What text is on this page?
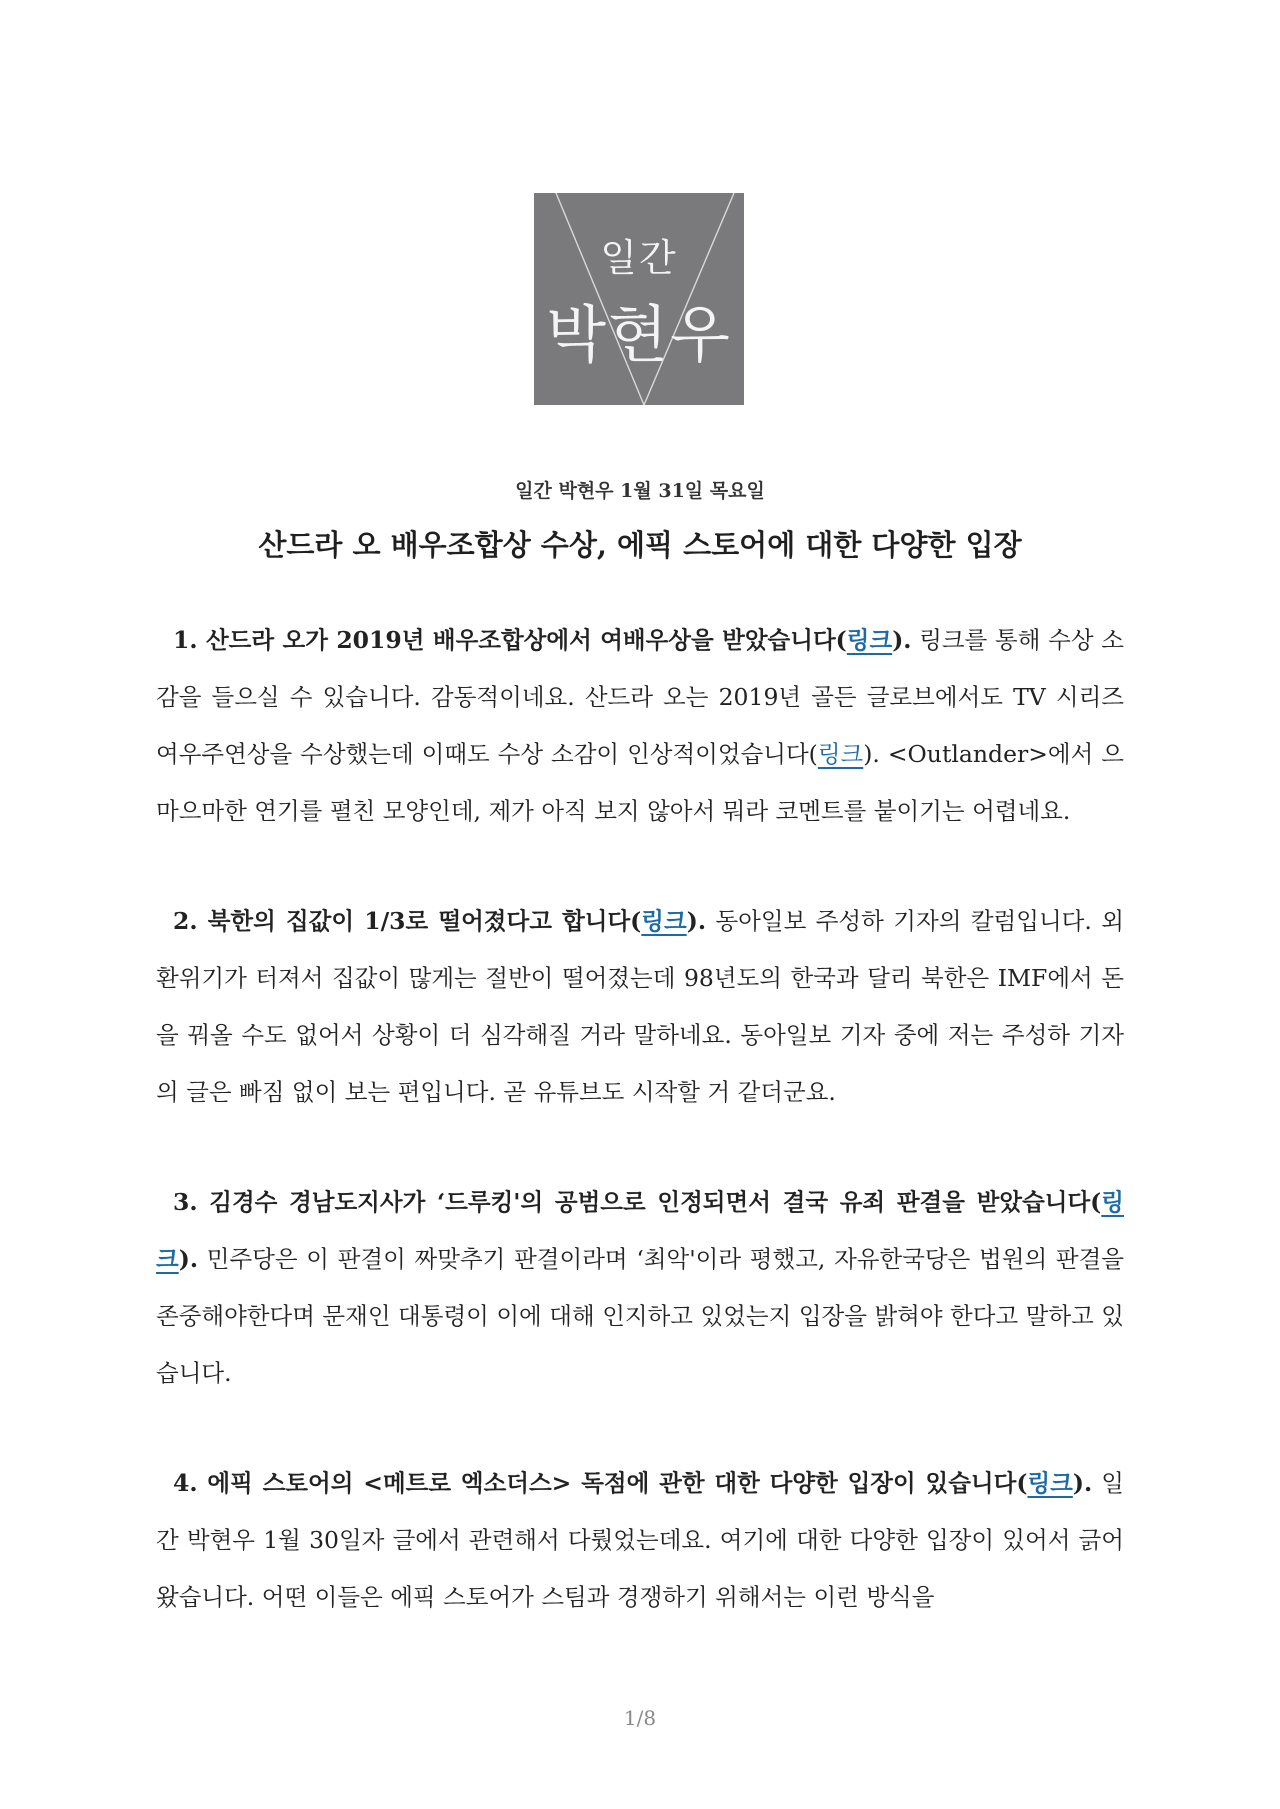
일간
박현우
일간 박현우 1월 31일 목요일
산드라 오 배우조합상 수상, 에픽 스토어에 대한 다양한 입장

1. 산드라 오가 2019년 배우조합상에서 여배우상을 받았습니다(링크). 링크를 통해 수상 소감을 들으실 수 있습니다. 감동적이네요. 산드라 오는 2019년 골든 글로브에서도 TV 시리즈 여우주연상을 수상했는데 이때도 수상 소감이 인상적이었습니다(링크). <Outlander>에서 으마으마한 연기를 펼친 모양인데, 제가 아직 보지 않아서 뭐라 코멘트를 붙이기는 어렵네요.

2. 북한의 집값이 1/3로 떨어졌다고 합니다(링크). 동아일보 주성하 기자의 칼럼입니다. 외환위기가 터져서 집값이 많게는 절반이 떨어졌는데 98년도의 한국과 달리 북한은 IMF에서 돈을 꿔올 수도 없어서 상황이 더 심각해질 거라 말하네요. 동아일보 기자 중에 저는 주성하 기자의 글은 빠짐 없이 보는 편입니다. 곧 유튜브도 시작할 거 같더군요.

3. 김경수 경남도지사가 ‘드루킹'의 공범으로 인정되면서 결국 유죄 판결을 받았습니다(링크). 민주당은 이 판결이 짜맞추기 판결이라며 ‘최악'이라 평했고, 자유한국당은 법원의 판결을 존중해야한다며 문재인 대통령이 이에 대해 인지하고 있었는지 입장을 밝혀야 한다고 말하고 있습니다.

4. 에픽 스토어의 <메트로 엑소더스> 독점에 관한 대한 다양한 입장이 있습니다(링크). 일간 박현우 1월 30일자 글에서 관련해서 다뤘었는데요. 여기에 대한 다양한 입장이 있어서 긁어왔습니다. 어떤 이들은 에픽 스토어가 스팀과 경쟁하기 위해서는 이런 방식을

1/8
